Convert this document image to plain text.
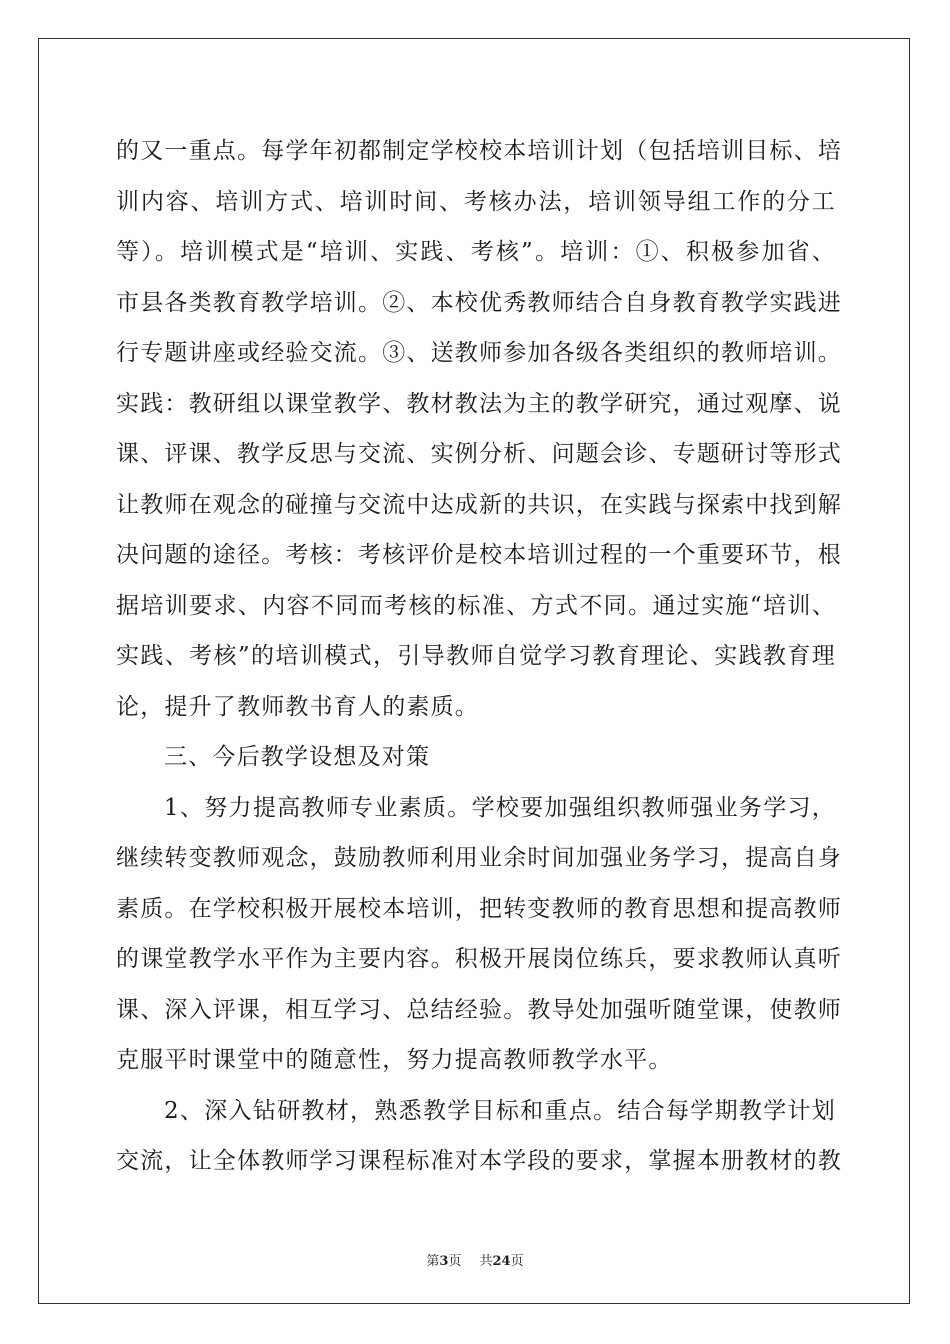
的又一重点。每学年初都制定学校校本培训计划（包括培训目标、培
训内容、培训方式、培训时间、考核办法，培训领导组工作的分工
等）。培训模式是“培训、实践、考核”。培训：①、积极参加省、
市县各类教育教学培训。②、本校优秀教师结合自身教育教学实践进
行专题讲座或经验交流。③、送教师参加各级各类组织的教师培训。
实践：教研组以课堂教学、教材教法为主的教学研究，通过观摩、说
课、评课、教学反思与交流、实例分析、问题会诊、专题研讨等形式
让教师在观念的碰撞与交流中达成新的共识，在实践与探索中找到解
决问题的途径。考核：考核评价是校本培训过程的一个重要环节，根
据培训要求、内容不同而考核的标准、方式不同。通过实施“培训、
实践、考核”的培训模式，引导教师自觉学习教育理论、实践教育理
论，提升了教师教书育人的素质。
三、今后教学设想及对策
1、努力提高教师专业素质。学校要加强组织教师强业务学习，
继续转变教师观念，鼓励教师利用业余时间加强业务学习，提高自身
素质。在学校积极开展校本培训，把转变教师的教育思想和提高教师
的课堂教学水平作为主要内容。积极开展岗位练兵，要求教师认真听
课、深入评课，相互学习、总结经验。教导处加强听随堂课，使教师
克服平时课堂中的随意性，努力提高教师教学水平。
2、深入钻研教材，熟悉教学目标和重点。结合每学期教学计划
交流，让全体教师学习课程标准对本学段的要求，掌握本册教材的教
第3页 共24页
